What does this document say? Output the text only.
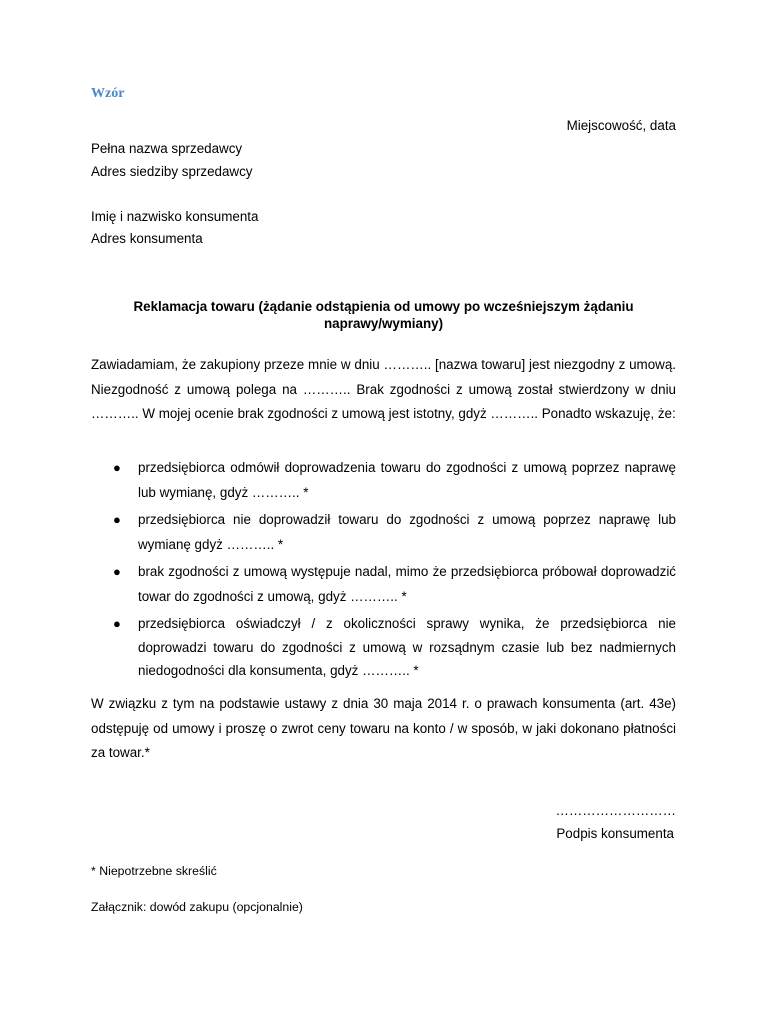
Wzór
Miejscowość, data
Pełna nazwa sprzedawcy
Adres siedziby sprzedawcy
Imię i nazwisko konsumenta
Adres konsumenta
Reklamacja towaru (żądanie odstąpienia od umowy po wcześniejszym żądaniu naprawy/wymiany)
Zawiadamiam, że zakupiony przeze mnie w dniu ……….. [nazwa towaru] jest niezgodny z umową. Niezgodność z umową polega na ……….. Brak zgodności z umową został stwierdzony w dniu ……….. W mojej ocenie brak zgodności z umową jest istotny, gdyż ……….. Ponadto wskazuję, że:
● przedsiębiorca odmówił doprowadzenia towaru do zgodności z umową poprzez naprawę lub wymianę, gdyż ……….. *
● przedsiębiorca nie doprowadził towaru do zgodności z umową poprzez naprawę lub wymianę gdyż ……….. *
● brak zgodności z umową występuje nadal, mimo że przedsiębiorca próbował doprowadzić towar do zgodności z umową, gdyż ……….. *
● przedsiębiorca oświadczył / z okoliczności sprawy wynika, że przedsiębiorca nie doprowadzi towaru do zgodności z umową w rozsądnym czasie lub bez nadmiernych niedogodności dla konsumenta, gdyż ……….. *
W związku z tym na podstawie ustawy z dnia 30 maja 2014 r. o prawach konsumenta (art. 43e) odstępuję od umowy i proszę o zwrot ceny towaru na konto / w sposób, w jaki dokonano płatności za towar.*
………………………
Podpis konsumenta
* Niepotrzebne skreślić
Załącznik: dowód zakupu (opcjonalnie)
